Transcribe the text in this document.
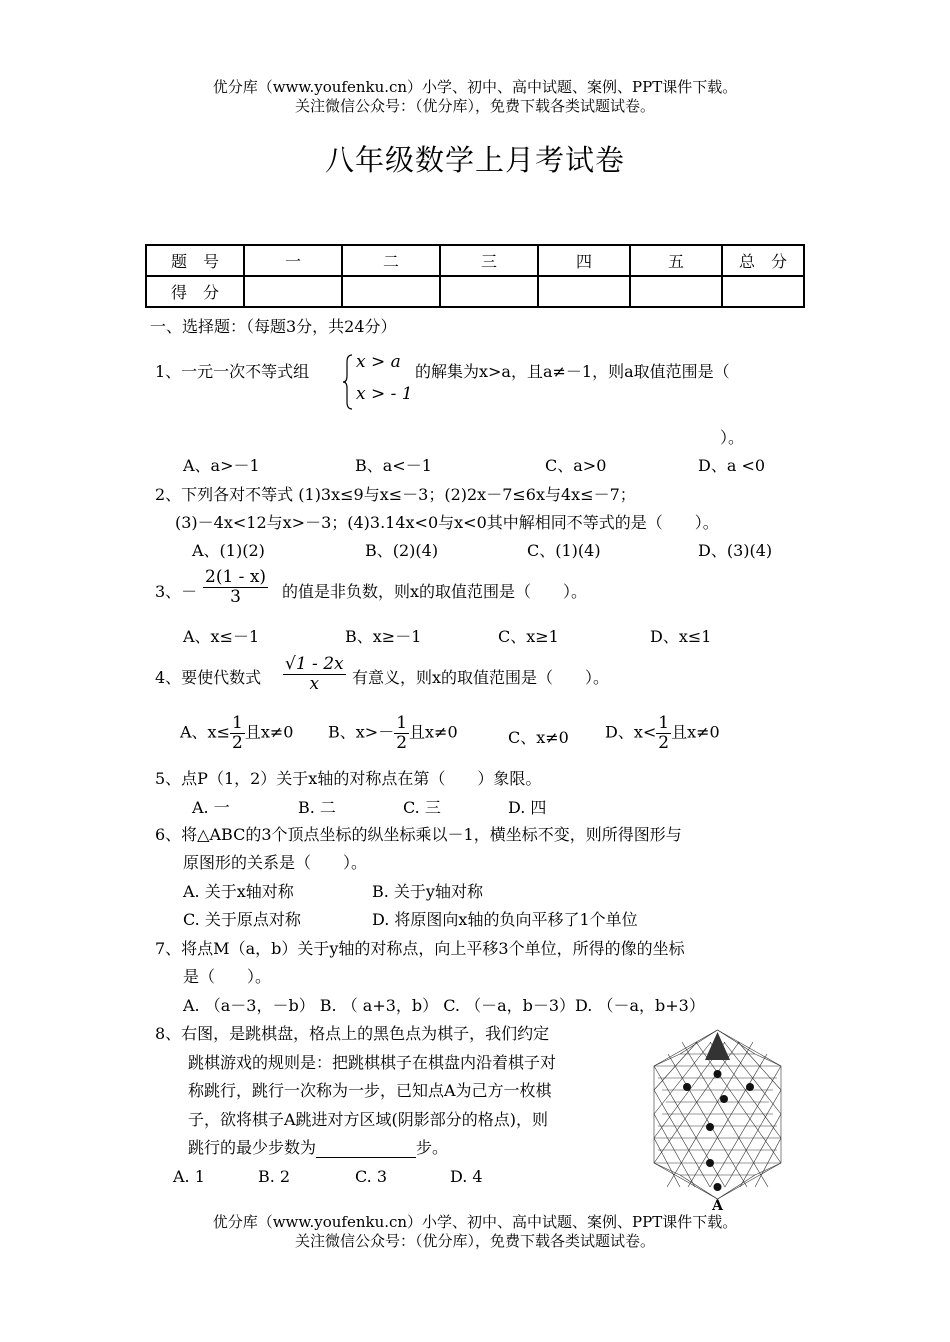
优分库（www.youfenku.cn）小学、初中、高中试题、案例、PPT课件下载。
关注微信公众号：（优分库），免费下载各类试题试卷。
八年级数学上月考试卷
题　号	一	二	三	四	五	总　分
得　分						
一、选择题：（每题3分，共24分）
1、一元一次不等式组	x > a
x > - 1
的解集为x>a，且a≠－1，则a取值范围是（
）。
A、a>－1	B、a<－1	C、a>0	D、a <0
2、下列各对不等式 (1)3x≤9与x≤－3；(2)2x－7≤6x与4x≤－7；
(3)－4x<12与x>－3；(4)3.14x<0与x<0其中解相同不等式的是（　　）。
A、(1)(2)	B、(2)(4)	C、(1)(4)	D、(3)(4)
3、－ $\frac{2(1 - x)}{3}$ 的值是非负数，则x的取值范围是（　　）。
A、x≤－1	B、x≥－1	C、x≥1	D、x≤1
4、要使代数式 $\frac{√1 - 2x}{x}$ 有意义，则x的取值范围是（　　）。
A、$x\le \frac{1}{2}$ 且x≠0 B、$x>- \frac{1}{2}$ 且x≠0	C、x≠0 D、$x< \frac{1}{2}$ 且x≠0
5、点P（1，2）关于x轴的对称点在第（　　）象限。
A. 一	B. 二	C. 三	D. 四
6、将△ABC的3个顶点坐标的纵坐标乘以－1，横坐标不变，则所得图形与
原图形的关系是（　　）。
A. 关于x轴对称	B. 关于y轴对称
C. 关于原点对称	D. 将原图向x轴的负向平移了1个单位
7、将点M（a，b）关于y轴的对称点，向上平移3个单位，所得的像的坐标
是（　　）。
A. （a－3，－b） B. （ a+3，b） C. （－a，b－3）D. （－a，b+3）
8、右图，是跳棋盘，格点上的黑色点为棋子，我们约定
跳棋游戏的规则是：把跳棋棋子在棋盘内沿着棋子对
称跳行，跳行一次称为一步，已知点A为己方一枚棋
子，欲将棋子A跳进对方区域(阴影部分的格点)，则
跳行的最少步数为	步。
A. 1	B. 2	C. 3	D. 4
A
优分库（www.youfenku.cn）小学、初中、高中试题、案例、PPT课件下载。
关注微信公众号：（优分库），免费下载各类试题试卷。
